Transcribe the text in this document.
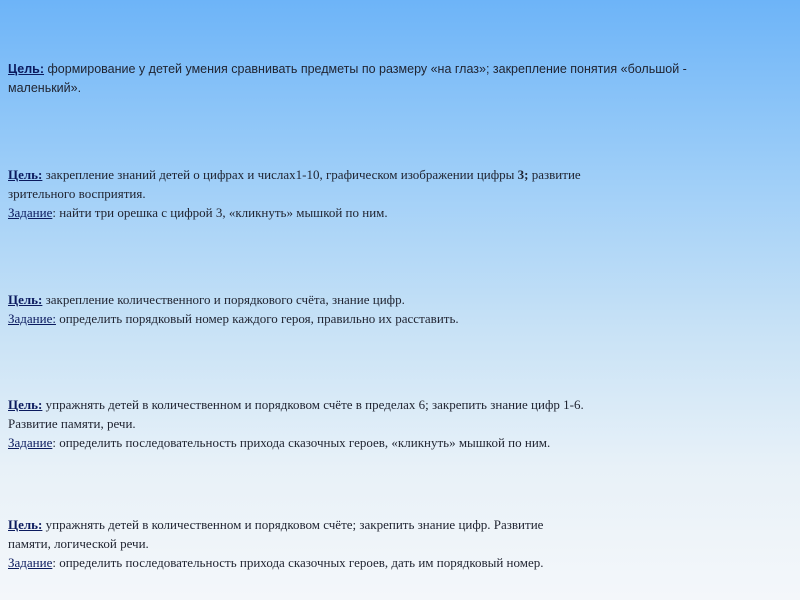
Цель: формирование у детей умения сравнивать предметы по размеру «на глаз»; закрепление понятия «большой -

маленький».

Цель: закрепление знаний детей о цифрах и числах1-10, графическом изображении цифры 3; развитие

зрительного восприятия.

Задание: найти три орешка с цифрой 3, «кликнуть» мышкой по ним.

Цель: закрепление количественного и порядкового счёта, знание цифр.

Задание: определить порядковый номер каждого героя, правильно их расставить.

Цель: упражнять детей в количественном и порядковом счёте в пределах 6; закрепить знание цифр 1-6.

Развитие памяти, речи.

Задание: определить последовательность прихода сказочных героев, «кликнуть» мышкой по ним.

Цель: упражнять детей в количественном и порядковом счёте; закрепить знание цифр. Развитие

памяти, логической речи.

Задание: определить последовательность прихода сказочных героев, дать им порядковый номер.
